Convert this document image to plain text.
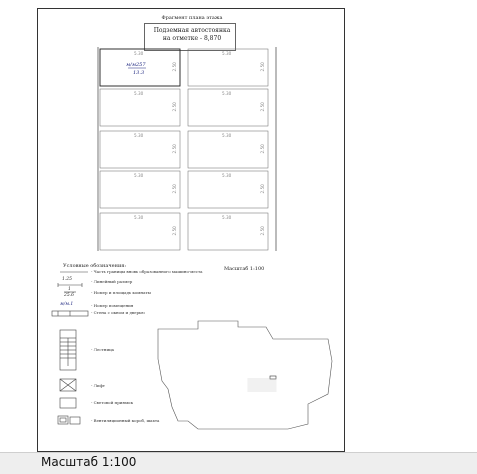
Фрагмент плана этажа
Подземная автостоянка
на отметке - 8,870
м/м257
13.3
5.30
2.50
5.30
2.50
5.30
2.50
5.30
2.50
5.30
2.50
5.30
2.50
5.30
2.50
5.30
2.50
5.30
2.50
5.30
2.50
Масштаб 1:100
Условные обозначения:
- Часть границы вновь образованного машино-места
1.25	- Линейный размер
1
25.6
- Номер и площадь комнаты
м/м.1	- Номер помещения
- Стена с окном и дверью
- Лестница
- Лифт
- Световой приямок
- Вентиляционный короб, шахта
▬
Масштаб 1:100
